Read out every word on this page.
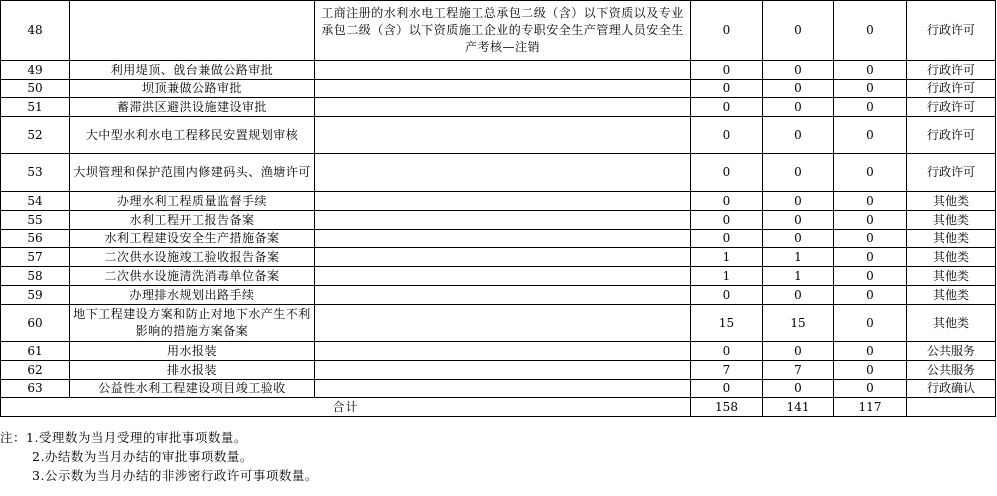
48		工商注册的水利水电工程施工总承包二级（含）以下资质以及专业承包二级（含）以下资质施工企业的专职安全生产管理人员安全生产考核—注销	0	0	0	行政许可
49	利用堤顶、戗台兼做公路审批		0	0	0	行政许可
50	坝顶兼做公路审批		0	0	0	行政许可
51	蓄滞洪区避洪设施建设审批		0	0	0	行政许可
52	大中型水利水电工程移民安置规划审核		0	0	0	行政许可
53	大坝管理和保护范围内修建码头、渔塘许可		0	0	0	行政许可
54	办理水利工程质量监督手续		0	0	0	其他类
55	水利工程开工报告备案		0	0	0	其他类
56	水利工程建设安全生产措施备案		0	0	0	其他类
57	二次供水设施竣工验收报告备案		1	1	0	其他类
58	二次供水设施清洗消毒单位备案		1	1	0	其他类
59	办理排水规划出路手续		0	0	0	其他类
60	地下工程建设方案和防止对地下水产生不利影响的措施方案备案		15	15	0	其他类
61	用水报装		0	0	0	公共服务
62	排水报装		7	7	0	公共服务
63	公益性水利工程建设项目竣工验收		0	0	0	行政确认
合计			158	141	117	
注：1.受理数为当月受理的审批事项数量。
2.办结数为当月办结的审批事项数量。
3.公示数为当月办结的非涉密行政许可事项数量。
